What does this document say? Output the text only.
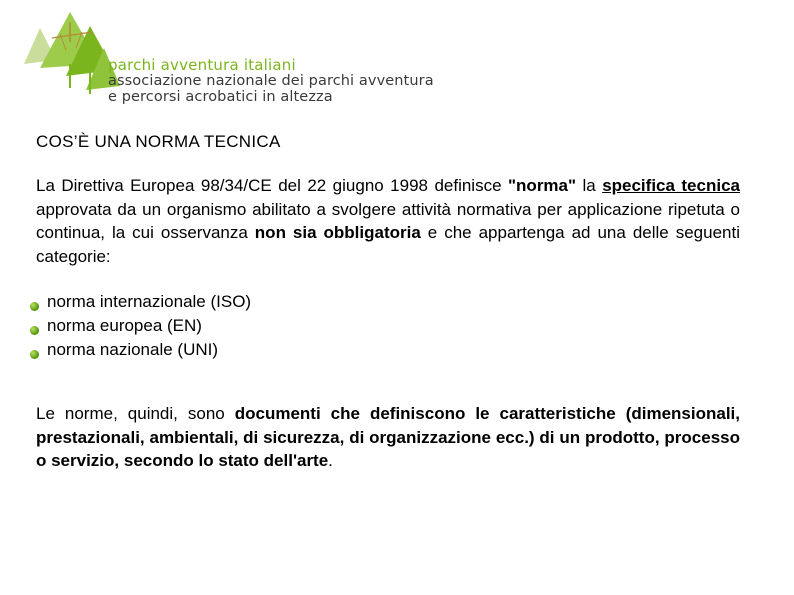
parchi avventura italiani
associazione nazionale dei parchi avventura
e percorsi acrobatici in altezza
COS’È UNA NORMA TECNICA

La Direttiva Europea 98/34/CE del 22 giugno 1998 definisce "norma" la specifica tecnica approvata da un organismo abilitato a svolgere attività normativa per applicazione ripetuta o continua, la cui osservanza non sia obbligatoria e che appartenga ad una delle seguenti categorie:

norma internazionale (ISO)
norma europea (EN)
norma nazionale (UNI)

Le norme, quindi, sono documenti che definiscono le caratteristiche (dimensionali, prestazionali, ambientali, di sicurezza, di organizzazione ecc.) di un prodotto, processo o servizio, secondo lo stato dell'arte.
